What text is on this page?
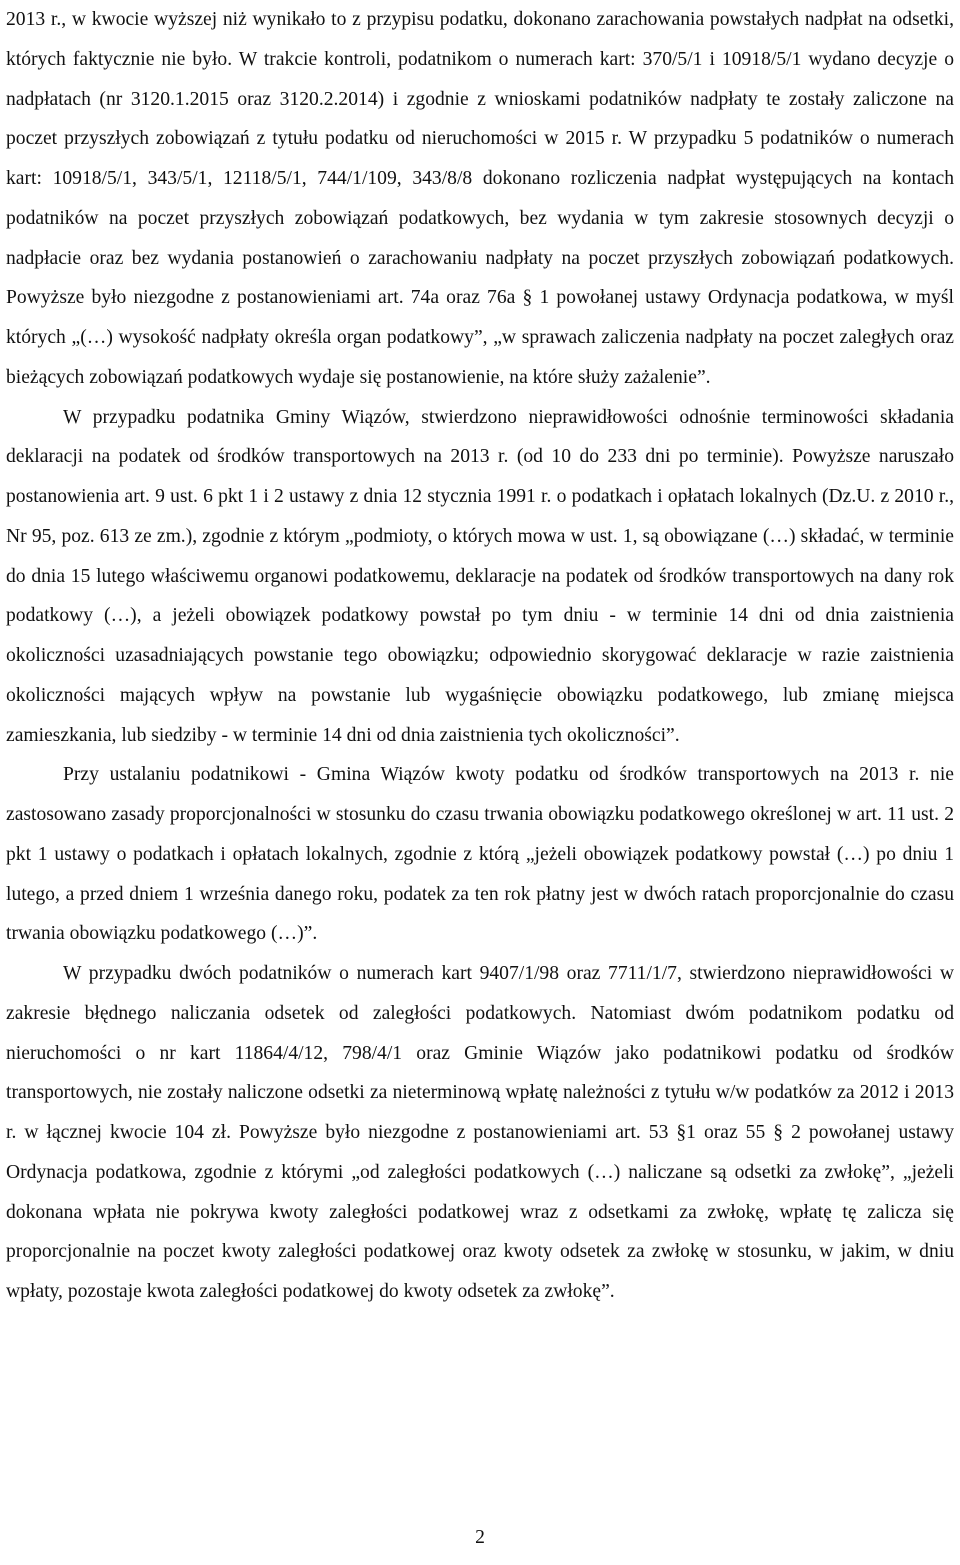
2013 r., w kwocie wyższej niż wynikało to z przypisu podatku, dokonano zarachowania powstałych nadpłat na odsetki, których faktycznie nie było. W trakcie kontroli, podatnikom o numerach kart: 370/5/1 i 10918/5/1 wydano decyzje o nadpłatach (nr 3120.1.2015 oraz 3120.2.2014) i zgodnie z wnioskami podatników nadpłaty te zostały zaliczone na poczet przyszłych zobowiązań z tytułu podatku od nieruchomości w 2015 r. W przypadku 5 podatników o numerach kart: 10918/5/1, 343/5/1, 12118/5/1, 744/1/109, 343/8/8 dokonano rozliczenia nadpłat występujących na kontach podatników na poczet przyszłych zobowiązań podatkowych, bez wydania w tym zakresie stosownych decyzji o nadpłacie oraz bez wydania postanowień o zarachowaniu nadpłaty na poczet przyszłych zobowiązań podatkowych. Powyższe było niezgodne z postanowieniami art. 74a oraz 76a § 1 powołanej ustawy Ordynacja podatkowa, w myśl których „(…) wysokość nadpłaty określa organ podatkowy”, „w sprawach zaliczenia nadpłaty na poczet zaległych oraz bieżących zobowiązań podatkowych wydaje się postanowienie, na które służy zażalenie”.

W przypadku podatnika Gminy Wiązów, stwierdzono nieprawidłowości odnośnie terminowości składania deklaracji na podatek od środków transportowych na 2013 r. (od 10 do 233 dni po terminie). Powyższe naruszało postanowienia art. 9 ust. 6 pkt 1 i 2 ustawy z dnia 12 stycznia 1991 r. o podatkach i opłatach lokalnych (Dz.U. z 2010 r., Nr 95, poz. 613 ze zm.), zgodnie z którym „podmioty, o których mowa w ust. 1, są obowiązane (…) składać, w terminie do dnia 15 lutego właściwemu organowi podatkowemu, deklaracje na podatek od środków transportowych na dany rok podatkowy (…), a jeżeli obowiązek podatkowy powstał po tym dniu - w terminie 14 dni od dnia zaistnienia okoliczności uzasadniających powstanie tego obowiązku; odpowiednio skorygować deklaracje w razie zaistnienia okoliczności mających wpływ na powstanie lub wygaśnięcie obowiązku podatkowego, lub zmianę miejsca zamieszkania, lub siedziby - w terminie 14 dni od dnia zaistnienia tych okoliczności”.

Przy ustalaniu podatnikowi - Gmina Wiązów kwoty podatku od środków transportowych na 2013 r. nie zastosowano zasady proporcjonalności w stosunku do czasu trwania obowiązku podatkowego określonej w art. 11 ust. 2 pkt 1 ustawy o podatkach i opłatach lokalnych, zgodnie z którą „jeżeli obowiązek podatkowy powstał (…) po dniu 1 lutego, a przed dniem 1 września danego roku, podatek za ten rok płatny jest w dwóch ratach proporcjonalnie do czasu trwania obowiązku podatkowego (…)”.

W przypadku dwóch podatników o numerach kart 9407/1/98 oraz 7711/1/7, stwierdzono nieprawidłowości w zakresie błędnego naliczania odsetek od zaległości podatkowych. Natomiast dwóm podatnikom podatku od nieruchomości o nr kart 11864/4/12, 798/4/1 oraz Gminie Wiązów jako podatnikowi podatku od środków transportowych, nie zostały naliczone odsetki za nieterminową wpłatę należności z tytułu w/w podatków za 2012 i 2013 r. w łącznej kwocie 104 zł. Powyższe było niezgodne z postanowieniami art. 53 §1 oraz 55 § 2 powołanej ustawy Ordynacja podatkowa, zgodnie z którymi „od zaległości podatkowych (…) naliczane są odsetki za zwłokę”, „jeżeli dokonana wpłata nie pokrywa kwoty zaległości podatkowej wraz z odsetkami za zwłokę, wpłatę tę zalicza się proporcjonalnie na poczet kwoty zaległości podatkowej oraz kwoty odsetek za zwłokę w stosunku, w jakim, w dniu wpłaty, pozostaje kwota zaległości podatkowej do kwoty odsetek za zwłokę”.

2
